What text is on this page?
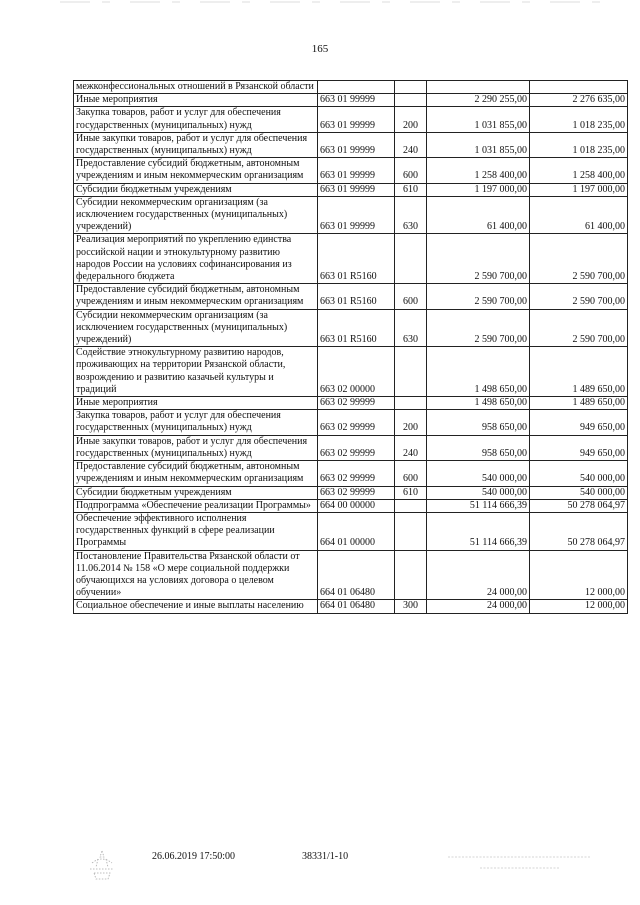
165
межконфессиональных отношений в Рязанской области				
Иные мероприятия	663 01 99999		2 290 255,00	2 276 635,00
Закупка товаров, работ и услуг для обеспечения государственных (муниципальных) нужд	663 01 99999	200	1 031 855,00	1 018 235,00
Иные закупки товаров, работ и услуг для обеспечения государственных (муниципальных) нужд	663 01 99999	240	1 031 855,00	1 018 235,00
Предоставление субсидий бюджетным, автономным учреждениям и иным некоммерческим организациям	663 01 99999	600	1 258 400,00	1 258 400,00
Субсидии бюджетным учреждениям	663 01 99999	610	1 197 000,00	1 197 000,00
Субсидии некоммерческим организациям (за исключением государственных (муниципальных) учреждений)	663 01 99999	630	61 400,00	61 400,00
Реализация мероприятий по укреплению единства российской нации и этнокультурному развитию народов России на условиях софинансирования из федерального бюджета	663 01 R5160		2 590 700,00	2 590 700,00
Предоставление субсидий бюджетным, автономным учреждениям и иным некоммерческим организациям	663 01 R5160	600	2 590 700,00	2 590 700,00
Субсидии некоммерческим организациям (за исключением государственных (муниципальных) учреждений)	663 01 R5160	630	2 590 700,00	2 590 700,00
Содействие этнокультурному развитию народов, проживающих на территории Рязанской области, возрождению и развитию казачьей культуры и традиций	663 02 00000		1 498 650,00	1 489 650,00
Иные мероприятия	663 02 99999		1 498 650,00	1 489 650,00
Закупка товаров, работ и услуг для обеспечения государственных (муниципальных) нужд	663 02 99999	200	958 650,00	949 650,00
Иные закупки товаров, работ и услуг для обеспечения государственных (муниципальных) нужд	663 02 99999	240	958 650,00	949 650,00
Предоставление субсидий бюджетным, автономным учреждениям и иным некоммерческим организациям	663 02 99999	600	540 000,00	540 000,00
Субсидии бюджетным учреждениям	663 02 99999	610	540 000,00	540 000,00
Подпрограмма «Обеспечение реализации Программы»	664 00 00000		51 114 666,39	50 278 064,97
Обеспечение эффективного исполнения государственных функций в сфере реализации Программы	664 01 00000		51 114 666,39	50 278 064,97
Постановление Правительства Рязанской области от 11.06.2014 № 158 «О мере социальной поддержки обучающихся на условиях договора о целевом обучении»	664 01 06480		24 000,00	12 000,00
Социальное обеспечение и иные выплаты населению	664 01 06480	300	24 000,00	12 000,00
26.06.2019 17:50:00	38331/1-10
